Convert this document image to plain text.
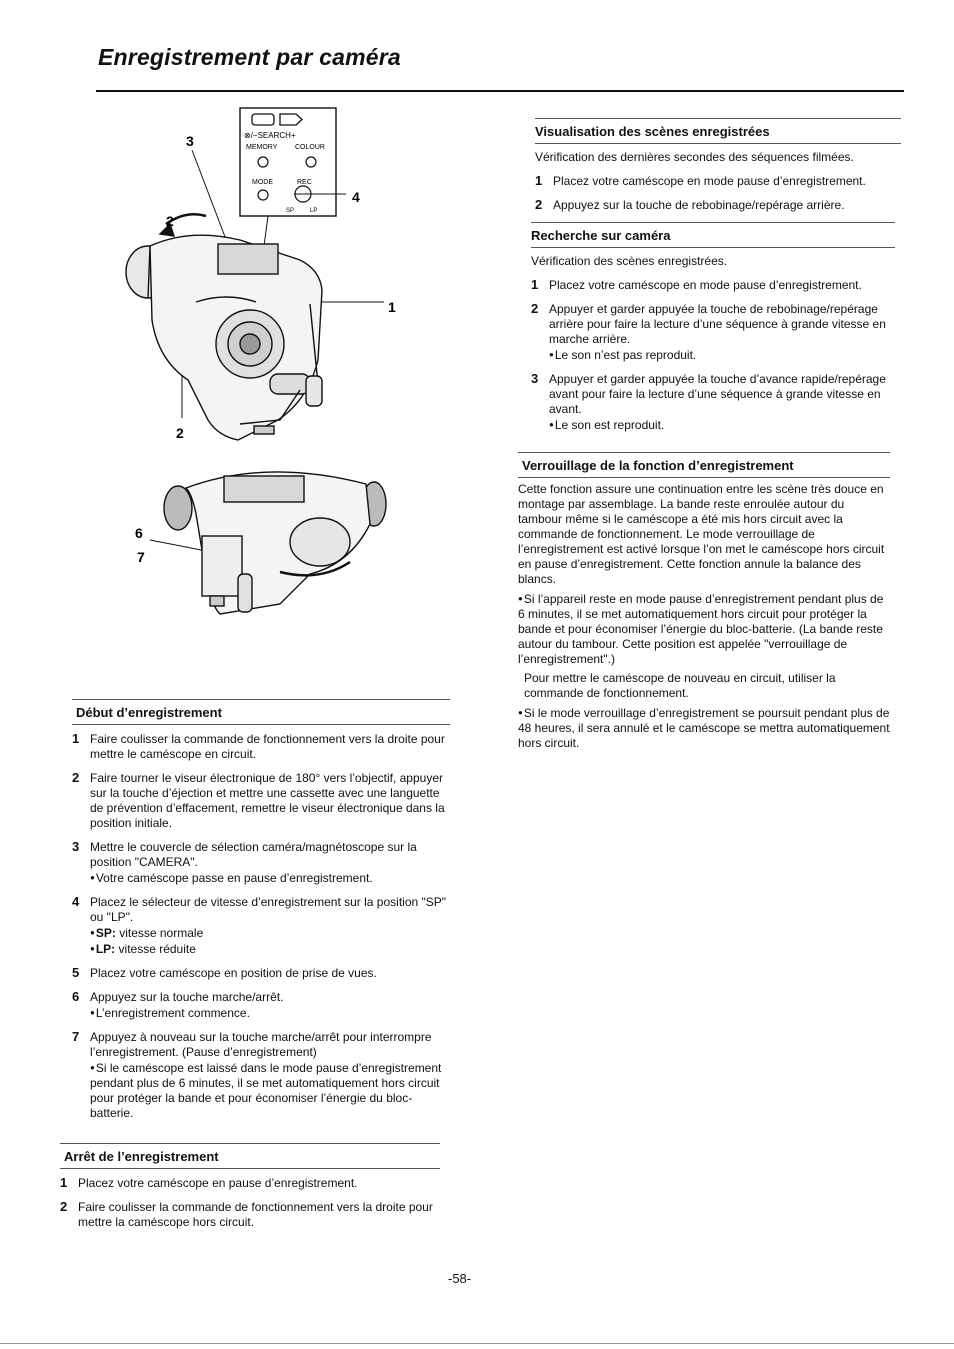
Enregistrement par caméra
⊗/−SEARCH+
MEMORY	COLOUR
MODE	REC
SP	LP
3
2
4
1
2
6
7
Visualisation des scènes enregistrées
Vérification des dernières secondes des séquences filmées.
1 Placez votre caméscope en mode pause d’enregistrement.
2 Appuyez sur la touche de rebobinage/repérage arrière.
Recherche sur caméra
Vérification des scènes enregistrées.
1 Placez votre caméscope en mode pause d’enregistrement.
2 Appuyer et garder appuyée la touche de rebobinage/repérage arrière pour faire la lecture d’une séquence à grande vitesse en marche arrière.
● Le son n’est pas reproduit.
3 Appuyer et garder appuyée la touche d’avance rapide/repérage avant pour faire la lecture d’une séquence à grande vitesse en avant.
● Le son est reproduit.
Verrouillage de la fonction d’enregistrement
Cette fonction assure une continuation entre les scène très douce en montage par assemblage. La bande reste enroulée autour du tambour même si le caméscope a été mis hors circuit avec la commande de fonctionnement. Le mode verrouillage de l’enregistrement est activé lorsque l’on met le caméscope hors circuit en pause d’enregistrement. Cette fonction annule la balance des blancs.
● Si l’appareil reste en mode pause d’enregistrement pendant plus de 6 minutes, il se met automatiquement hors circuit pour protéger la bande et pour économiser l’énergie du bloc-batterie. (La bande reste autour du tambour. Cette position est appelée "verrouillage de l’enregistrement".)
Pour mettre le caméscope de nouveau en circuit, utiliser la commande de fonctionnement.
● Si le mode verrouillage d’enregistrement se poursuit pendant plus de 48 heures, il sera annulé et le caméscope se mettra automatiquement hors circuit.
Début d’enregistrement
1 Faire coulisser la commande de fonctionnement vers la droite pour mettre le caméscope en circuit.
2 Faire tourner le viseur électronique de 180° vers l’objectif, appuyer sur la touche d’éjection et mettre une cassette avec une languette de prévention d’effacement, remettre le viseur électronique dans la position initiale.
3 Mettre le couvercle de sélection caméra/magnétoscope sur la position "CAMERA".
● Votre caméscope passe en pause d’enregistrement.
4 Placez le sélecteur de vitesse d’enregistrement sur la position "SP" ou "LP".
● SP: vitesse normale
● LP: vitesse réduite
5 Placez votre caméscope en position de prise de vues.
6 Appuyez sur la touche marche/arrêt.
● L’enregistrement commence.
7 Appuyez à nouveau sur la touche marche/arrêt pour interrompre l’enregistrement. (Pause d’enregistrement)
● Si le caméscope est laissé dans le mode pause d’enregistrement pendant plus de 6 minutes, il se met automatiquement hors circuit pour protéger la bande et pour économiser l’énergie du bloc-batterie.
Arrêt de l’enregistrement
1 Placez votre caméscope en pause d’enregistrement.
2 Faire coulisser la commande de fonctionnement vers la droite pour mettre la caméscope hors circuit.
-58-
